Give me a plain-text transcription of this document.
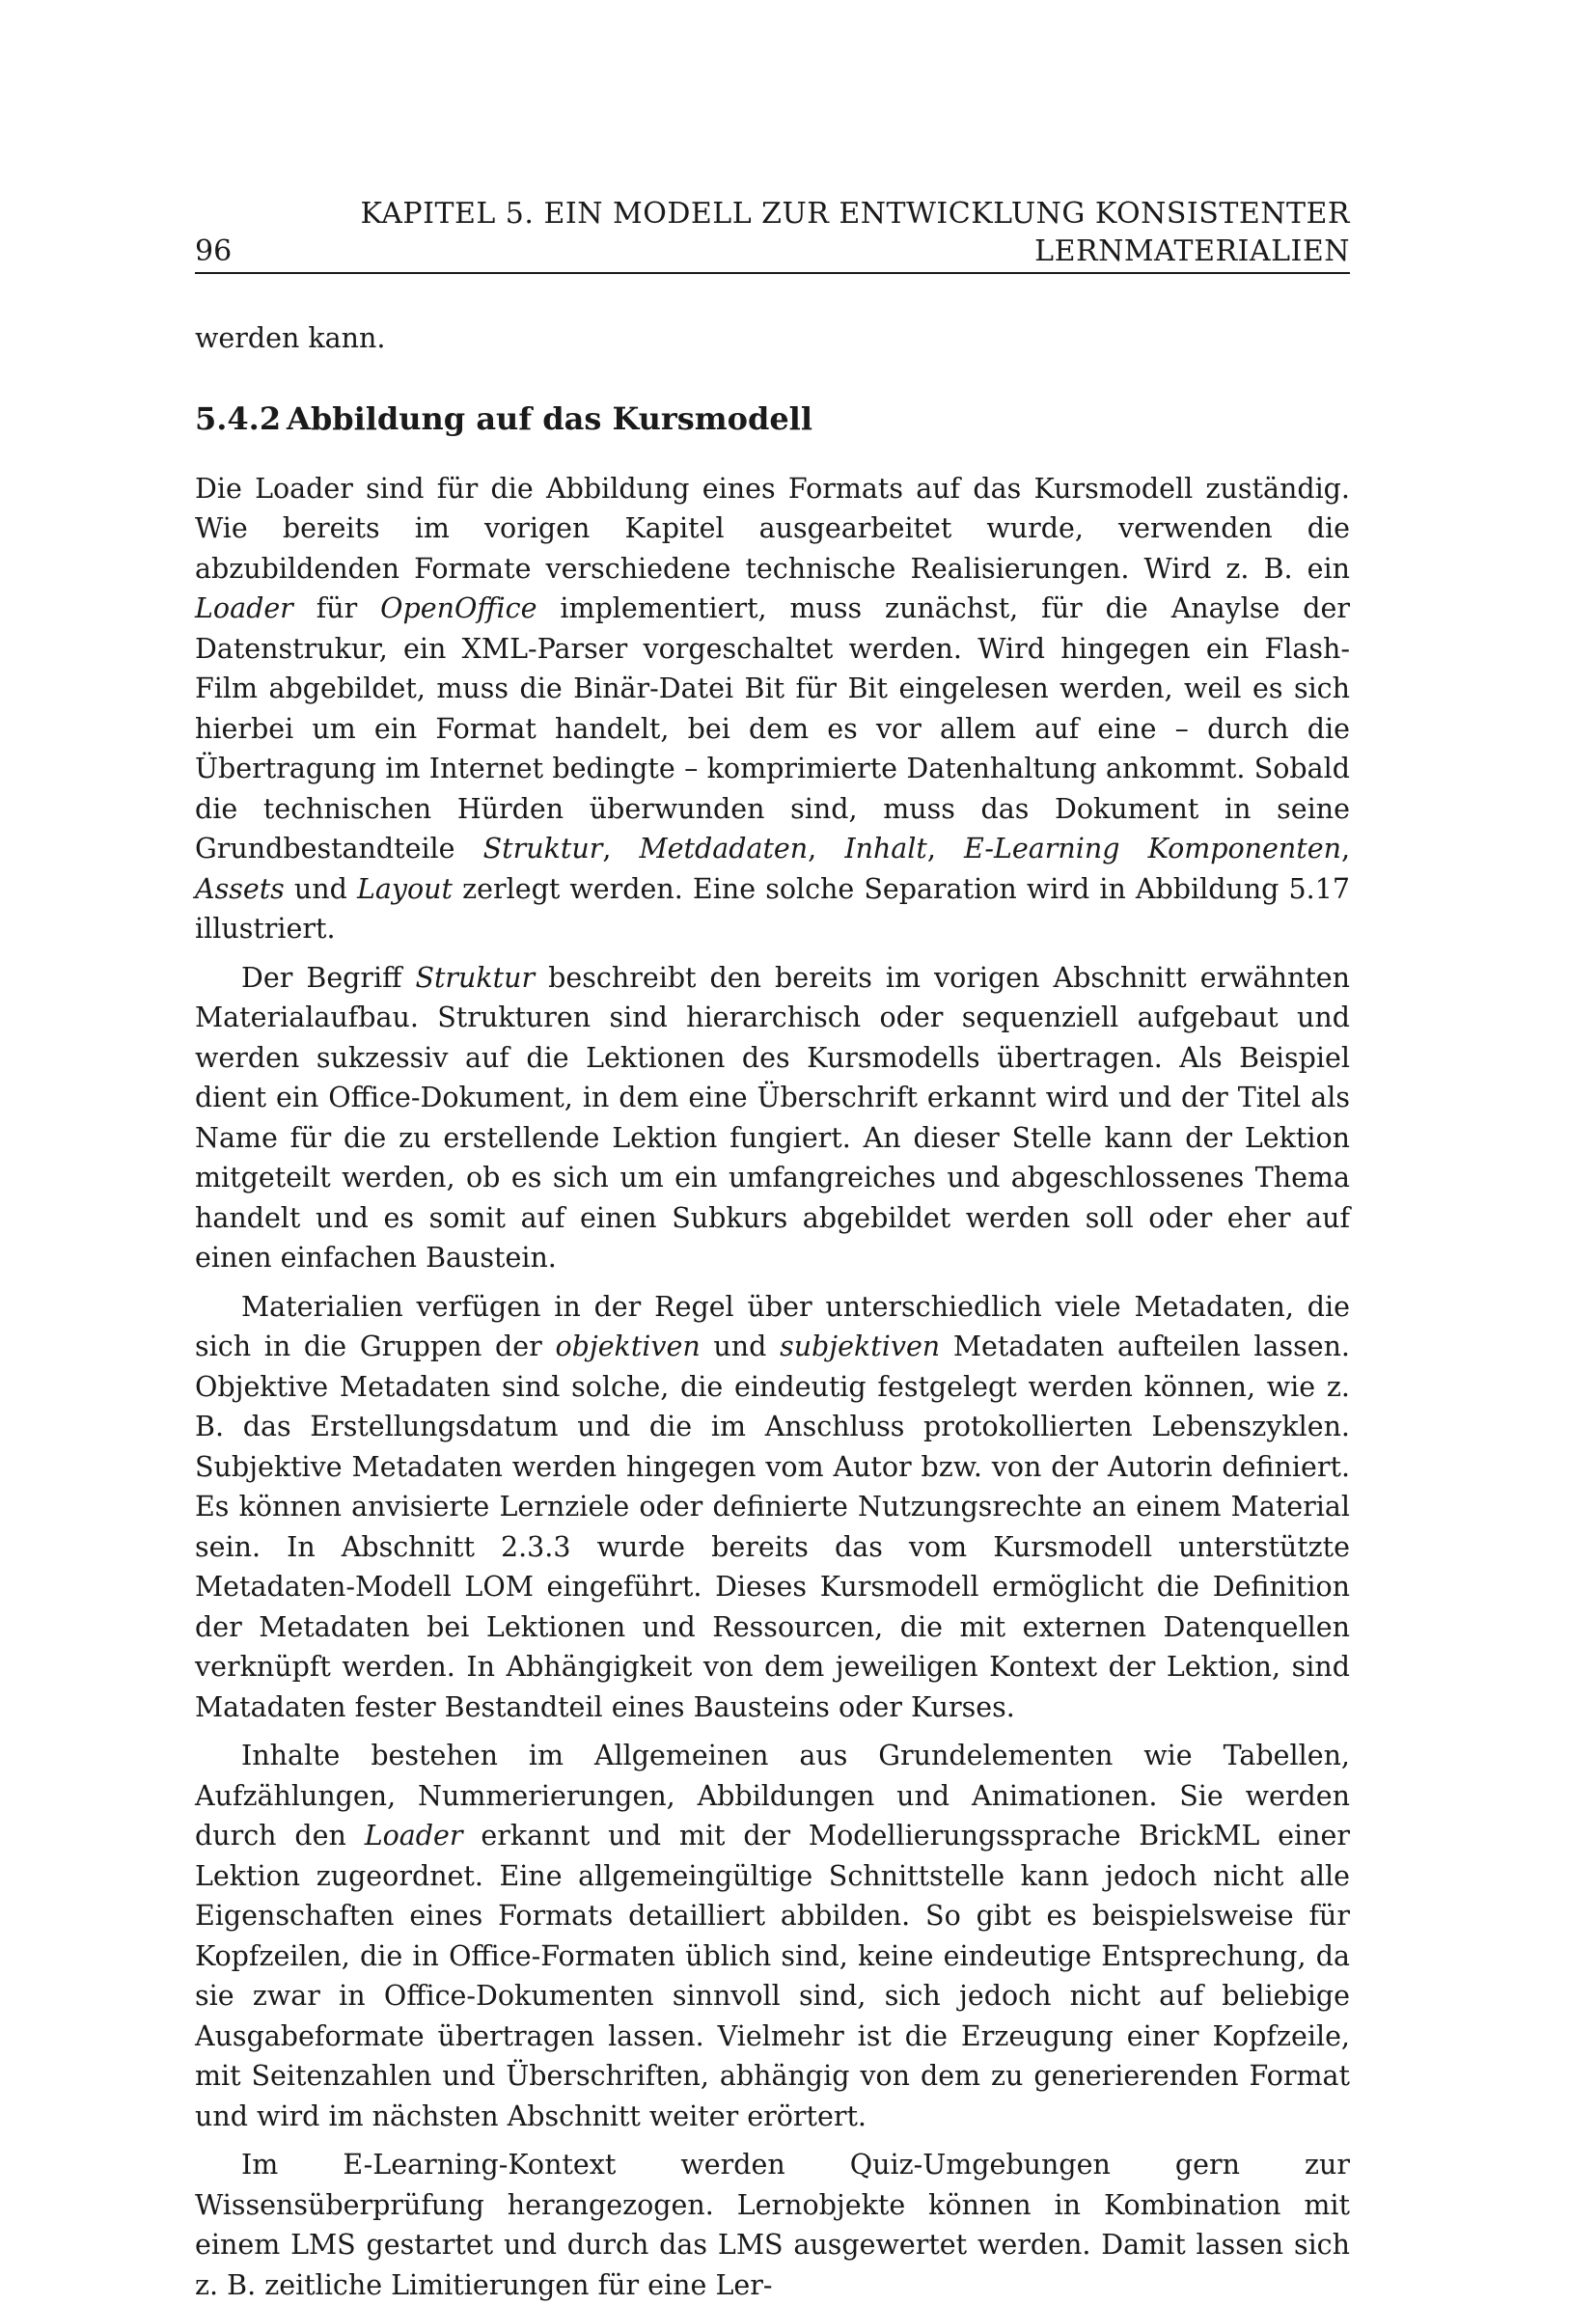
KAPITEL 5. EIN MODELL ZUR ENTWICKLUNG KONSISTENTER
96	LERNMATERIALIEN

werden kann.

5.4.2 Abbildung auf das Kursmodell

Die Loader sind für die Abbildung eines Formats auf das Kursmodell zuständig. Wie bereits im vorigen Kapitel ausgearbeitet wurde, verwenden die abzubildenden Formate verschiedene technische Realisierungen. Wird z. B. ein Loader für OpenOffice implementiert, muss zunächst, für die Anaylse der Datenstrukur, ein XML-Parser vorgeschaltet werden. Wird hingegen ein Flash-Film abgebildet, muss die Binär-Datei Bit für Bit eingelesen werden, weil es sich hierbei um ein Format handelt, bei dem es vor allem auf eine – durch die Übertragung im Internet bedingte – komprimierte Datenhaltung ankommt. Sobald die technischen Hürden überwunden sind, muss das Dokument in seine Grundbestandteile Struktur, Metdadaten, Inhalt, E-Learning Komponenten, Assets und Layout zerlegt werden. Eine solche Separation wird in Abbildung 5.17 illustriert.

Der Begriff Struktur beschreibt den bereits im vorigen Abschnitt erwähnten Materialaufbau. Strukturen sind hierarchisch oder sequenziell aufgebaut und werden sukzessiv auf die Lektionen des Kursmodells übertragen. Als Beispiel dient ein Office-Dokument, in dem eine Überschrift erkannt wird und der Titel als Name für die zu erstellende Lektion fungiert. An dieser Stelle kann der Lektion mitgeteilt werden, ob es sich um ein umfangreiches und abgeschlossenes Thema handelt und es somit auf einen Subkurs abgebildet werden soll oder eher auf einen einfachen Baustein.

Materialien verfügen in der Regel über unterschiedlich viele Metadaten, die sich in die Gruppen der objektiven und subjektiven Metadaten aufteilen lassen. Objektive Metadaten sind solche, die eindeutig festgelegt werden können, wie z. B. das Erstellungsdatum und die im Anschluss protokollierten Lebenszyklen. Subjektive Metadaten werden hingegen vom Autor bzw. von der Autorin definiert. Es können anvisierte Lernziele oder definierte Nutzungsrechte an einem Material sein. In Abschnitt 2.3.3 wurde bereits das vom Kursmodell unterstützte Metadaten-Modell LOM eingeführt. Dieses Kursmodell ermöglicht die Definition der Metadaten bei Lektionen und Ressourcen, die mit externen Datenquellen verknüpft werden. In Abhängigkeit von dem jeweiligen Kontext der Lektion, sind Matadaten fester Bestandteil eines Bausteins oder Kurses.

Inhalte bestehen im Allgemeinen aus Grundelementen wie Tabellen, Aufzählungen, Nummerierungen, Abbildungen und Animationen. Sie werden durch den Loader erkannt und mit der Modellierungssprache BrickML einer Lektion zugeordnet. Eine allgemeingültige Schnittstelle kann jedoch nicht alle Eigenschaften eines Formats detailliert abbilden. So gibt es beispielsweise für Kopfzeilen, die in Office-Formaten üblich sind, keine eindeutige Entsprechung, da sie zwar in Office-Dokumenten sinnvoll sind, sich jedoch nicht auf beliebige Ausgabeformate übertragen lassen. Vielmehr ist die Erzeugung einer Kopfzeile, mit Seitenzahlen und Überschriften, abhängig von dem zu generierenden Format und wird im nächsten Abschnitt weiter erörtert.

Im E-Learning-Kontext werden Quiz-Umgebungen gern zur Wissensüberprüfung herangezogen. Lernobjekte können in Kombination mit einem LMS gestartet und durch das LMS ausgewertet werden. Damit lassen sich z. B. zeitliche Limitierungen für eine Ler-
